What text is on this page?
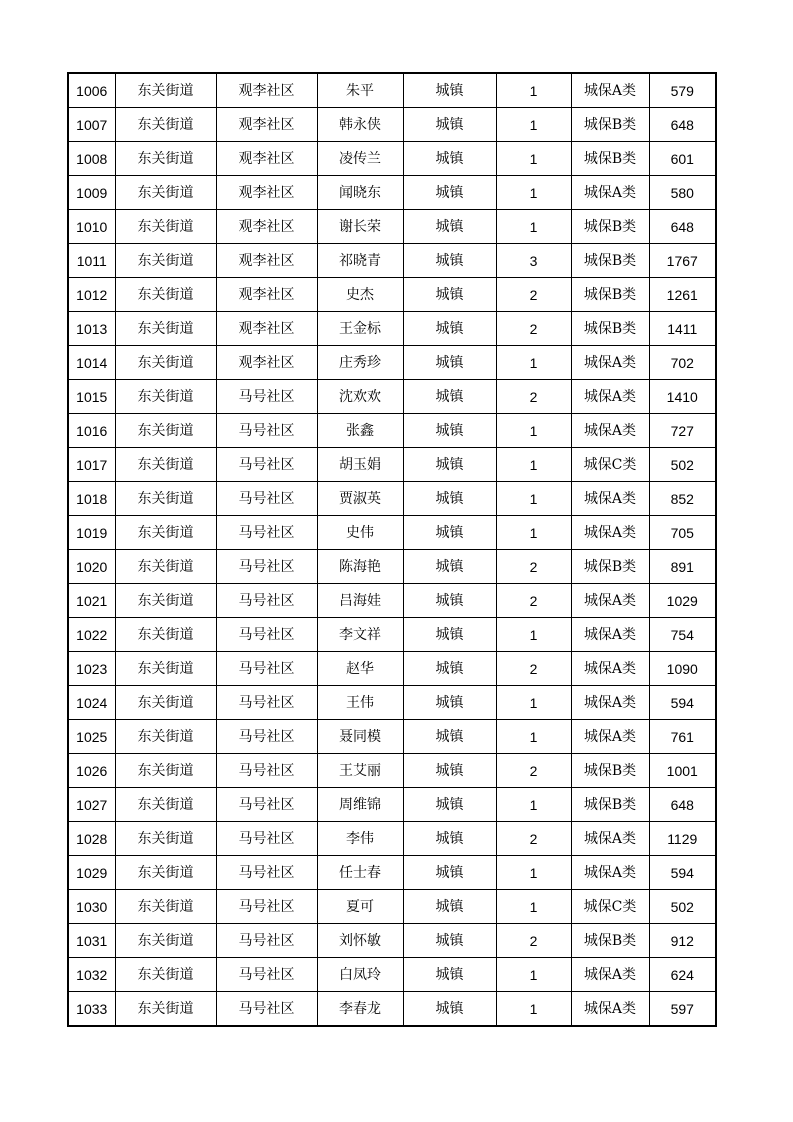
1006	东关街道	观李社区	朱平	城镇	1	城保A类	579
1007	东关街道	观李社区	韩永侠	城镇	1	城保B类	648
1008	东关街道	观李社区	凌传兰	城镇	1	城保B类	601
1009	东关街道	观李社区	闻晓东	城镇	1	城保A类	580
1010	东关街道	观李社区	谢长荣	城镇	1	城保B类	648
1011	东关街道	观李社区	祁晓青	城镇	3	城保B类	1767
1012	东关街道	观李社区	史杰	城镇	2	城保B类	1261
1013	东关街道	观李社区	王金标	城镇	2	城保B类	1411
1014	东关街道	观李社区	庄秀珍	城镇	1	城保A类	702
1015	东关街道	马号社区	沈欢欢	城镇	2	城保A类	1410
1016	东关街道	马号社区	张鑫	城镇	1	城保A类	727
1017	东关街道	马号社区	胡玉娟	城镇	1	城保C类	502
1018	东关街道	马号社区	贾淑英	城镇	1	城保A类	852
1019	东关街道	马号社区	史伟	城镇	1	城保A类	705
1020	东关街道	马号社区	陈海艳	城镇	2	城保B类	891
1021	东关街道	马号社区	吕海娃	城镇	2	城保A类	1029
1022	东关街道	马号社区	李文祥	城镇	1	城保A类	754
1023	东关街道	马号社区	赵华	城镇	2	城保A类	1090
1024	东关街道	马号社区	王伟	城镇	1	城保A类	594
1025	东关街道	马号社区	聂同模	城镇	1	城保A类	761
1026	东关街道	马号社区	王艾丽	城镇	2	城保B类	1001
1027	东关街道	马号社区	周维锦	城镇	1	城保B类	648
1028	东关街道	马号社区	李伟	城镇	2	城保A类	1129
1029	东关街道	马号社区	任士春	城镇	1	城保A类	594
1030	东关街道	马号社区	夏可	城镇	1	城保C类	502
1031	东关街道	马号社区	刘怀敏	城镇	2	城保B类	912
1032	东关街道	马号社区	白凤玲	城镇	1	城保A类	624
1033	东关街道	马号社区	李春龙	城镇	1	城保A类	597
